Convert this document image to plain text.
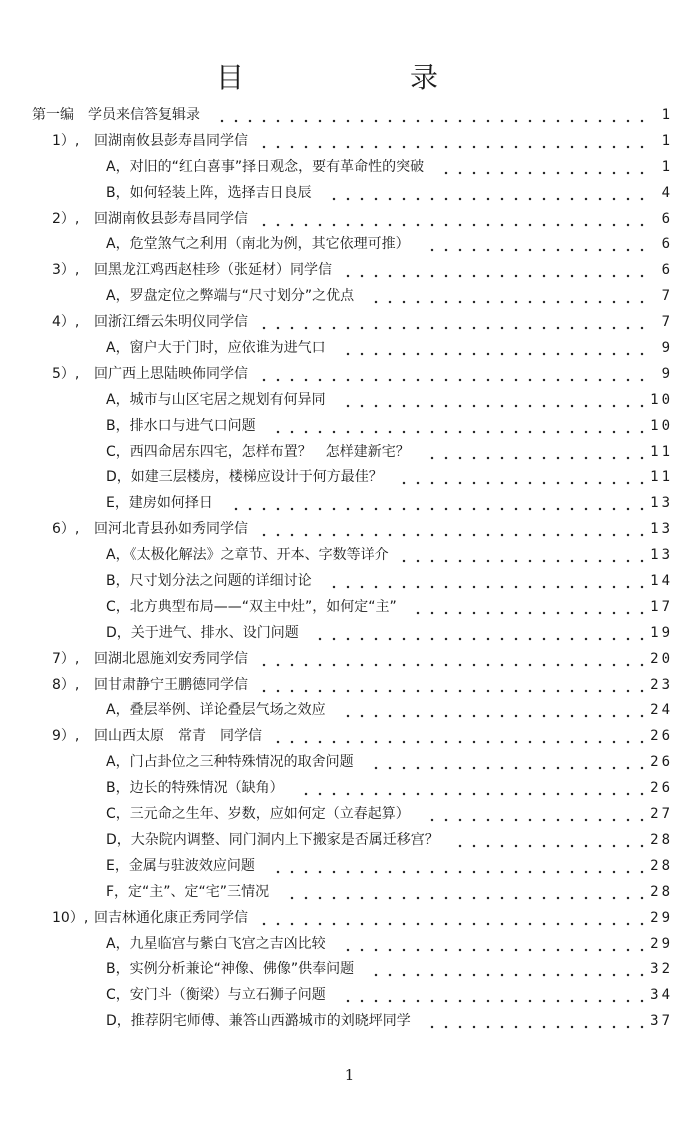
目	录
第一编　学员来信答复辑录	1
1）, 回湖南攸县彭寿昌同学信	1
A，对旧的“红白喜事”择日观念，要有革命性的突破	1
B，如何轻装上阵，选择吉日良辰	4
2）, 回湖南攸县彭寿昌同学信	6
A，危堂煞气之利用（南北为例，其它依理可推）	6
3）, 回黑龙江鸡西赵桂珍（张延材）同学信	6
A，罗盘定位之弊端与“尺寸划分”之优点	7
4）, 回浙江缙云朱明仪同学信	7
A，窗户大于门时，应依谁为进气口	9
5）, 回广西上思陆映佈同学信	9
A，城市与山区宅居之规划有何异同	10
B，排水口与进气口问题	10
C，西四命居东四宅，怎样布置？　怎样建新宅？	11
D，如建三层楼房，楼梯应设计于何方最佳？	11
E，建房如何择日	13
6）, 回河北青县孙如秀同学信	13
A，《太极化解法》之章节、开本、字数等详介	13
B，尺寸划分法之问题的详细讨论	14
C，北方典型布局——“双主中灶”，如何定“主”	17
D，关于进气、排水、设门问题	19
7）, 回湖北恩施刘安秀同学信	20
8）, 回甘肃静宁王鹏德同学信	23
A，叠层举例、详论叠层气场之效应	24
9）, 回山西太原　常青　同学信	26
A，门占卦位之三种特殊情况的取舍问题	26
B，边长的特殊情况（缺角）	26
C，三元命之生年、岁数，应如何定（立春起算）	27
D，大杂院内调整、同门洞内上下搬家是否属迁移宫？	28
E，金属与驻波效应问题	28
F，定“主”、定“宅”三情况	28
10）, 回吉林通化康正秀同学信	29
A，九星临宫与紫白飞宫之吉凶比较	29
B，实例分析兼论“神像、佛像”供奉问题	32
C，安门斗（衡梁）与立石狮子问题	34
D，推荐阴宅师傅、兼答山西潞城市的刘晓坪同学	37
1
